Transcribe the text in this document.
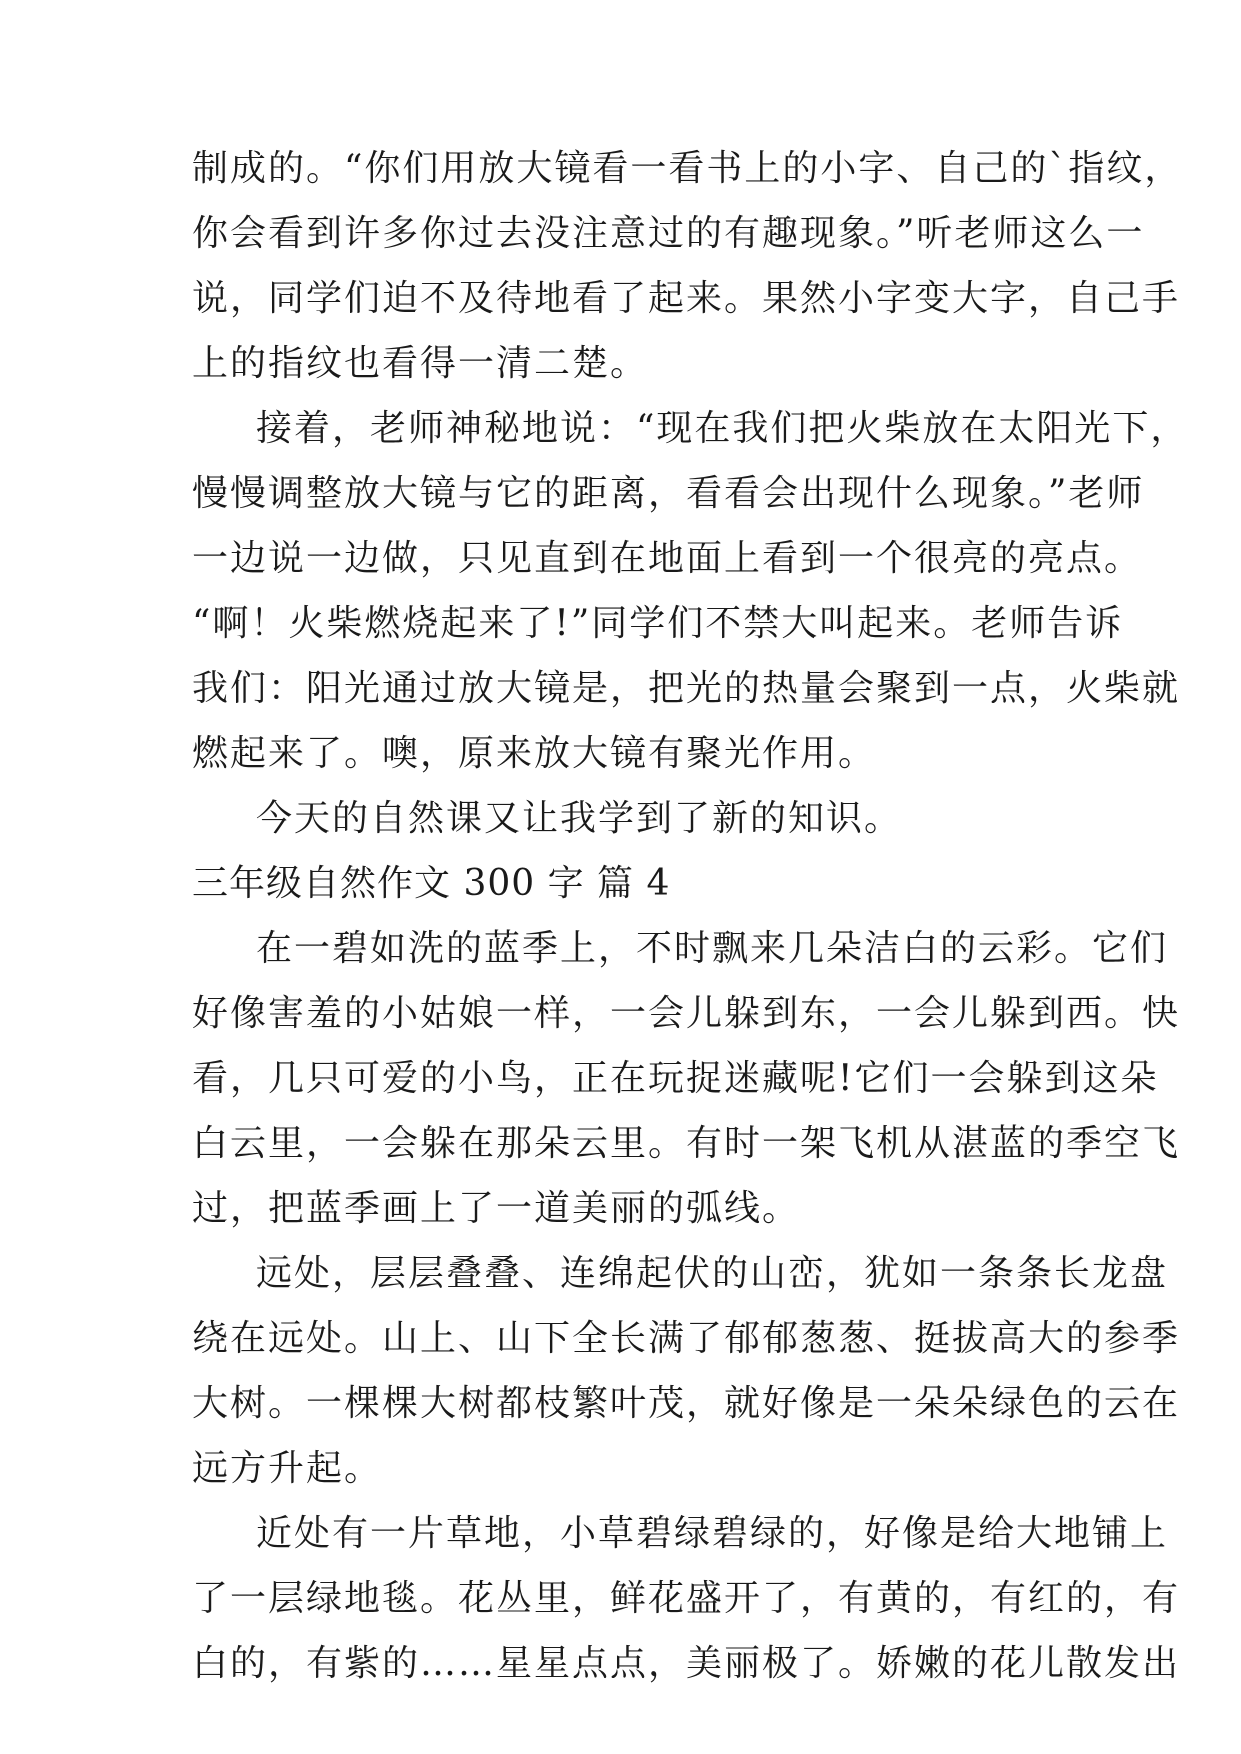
制成的。“你们用放大镜看一看书上的小字、自己的`指纹，
你会看到许多你过去没注意过的有趣现象。”听老师这么一
说，同学们迫不及待地看了起来。果然小字变大字，自己手
上的指纹也看得一清二楚。
接着，老师神秘地说：“现在我们把火柴放在太阳光下，
慢慢调整放大镜与它的距离，看看会出现什么现象。”老师
一边说一边做，只见直到在地面上看到一个很亮的亮点。
“啊！火柴燃烧起来了!”同学们不禁大叫起来。老师告诉
我们：阳光通过放大镜是，把光的热量会聚到一点，火柴就
燃起来了。噢，原来放大镜有聚光作用。
今天的自然课又让我学到了新的知识。
三年级自然作文 300 字 篇 4
在一碧如洗的蓝季上，不时飘来几朵洁白的云彩。它们
好像害羞的小姑娘一样，一会儿躲到东，一会儿躲到西。快
看，几只可爱的小鸟，正在玩捉迷藏呢!它们一会躲到这朵
白云里，一会躲在那朵云里。有时一架飞机从湛蓝的季空飞
过，把蓝季画上了一道美丽的弧线。
远处，层层叠叠、连绵起伏的山峦，犹如一条条长龙盘
绕在远处。山上、山下全长满了郁郁葱葱、挺拔高大的参季
大树。一棵棵大树都枝繁叶茂，就好像是一朵朵绿色的云在
远方升起。
近处有一片草地，小草碧绿碧绿的，好像是给大地铺上
了一层绿地毯。花丛里，鲜花盛开了，有黄的，有红的，有
白的，有紫的……星星点点，美丽极了。娇嫩的花儿散发出
